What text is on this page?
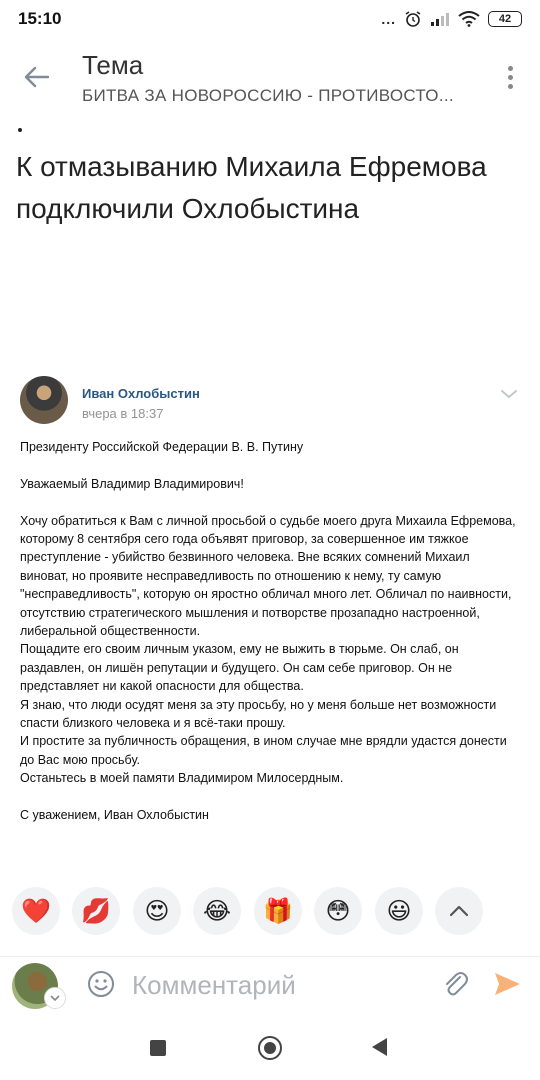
15:10	...	42
Тема
БИТВА ЗА НОВОРОССИЮ - ПРОТИВОСТО...
К отмазыванию Михаила Ефремова подключили Охлобыстина
Иван Охлобыстин
вчера в 18:37

Президенту Российской Федерации В. В. Путину

Уважаемый Владимир Владимирович!

Хочу обратиться к Вам с личной просьбой о судьбе моего друга Михаила Ефремова, которому 8 сентября сего года объявят приговор, за совершенное им тяжкое преступление - убийство безвинного человека. Вне всяких сомнений Михаил виноват, но проявите несправедливость по отношению к нему, ту самую "несправедливость", которую он яростно обличал много лет. Обличал по наивности, отсутствию стратегического мышления и потворстве прозападно настроенной, либеральной общественности.

Пощадите его своим личным указом, ему не выжить в тюрьме. Он слаб, он раздавлен, он лишён репутации и будущего. Он сам себе приговор. Он не представляет ни какой опасности для общества.

Я знаю, что люди осудят меня за эту просьбу, но у меня больше нет возможности спасти близкого человека и я всё-таки прошу.

И простите за публичность обращения, в ином случае мне врядли удастся донести до Вас мою просьбу.

Останьтесь в моей памяти Владимиром Милосердным.

С уважением, Иван Охлобыстин

❤️	💋	😍	😂	🎁	😳	😃
Комментарий
